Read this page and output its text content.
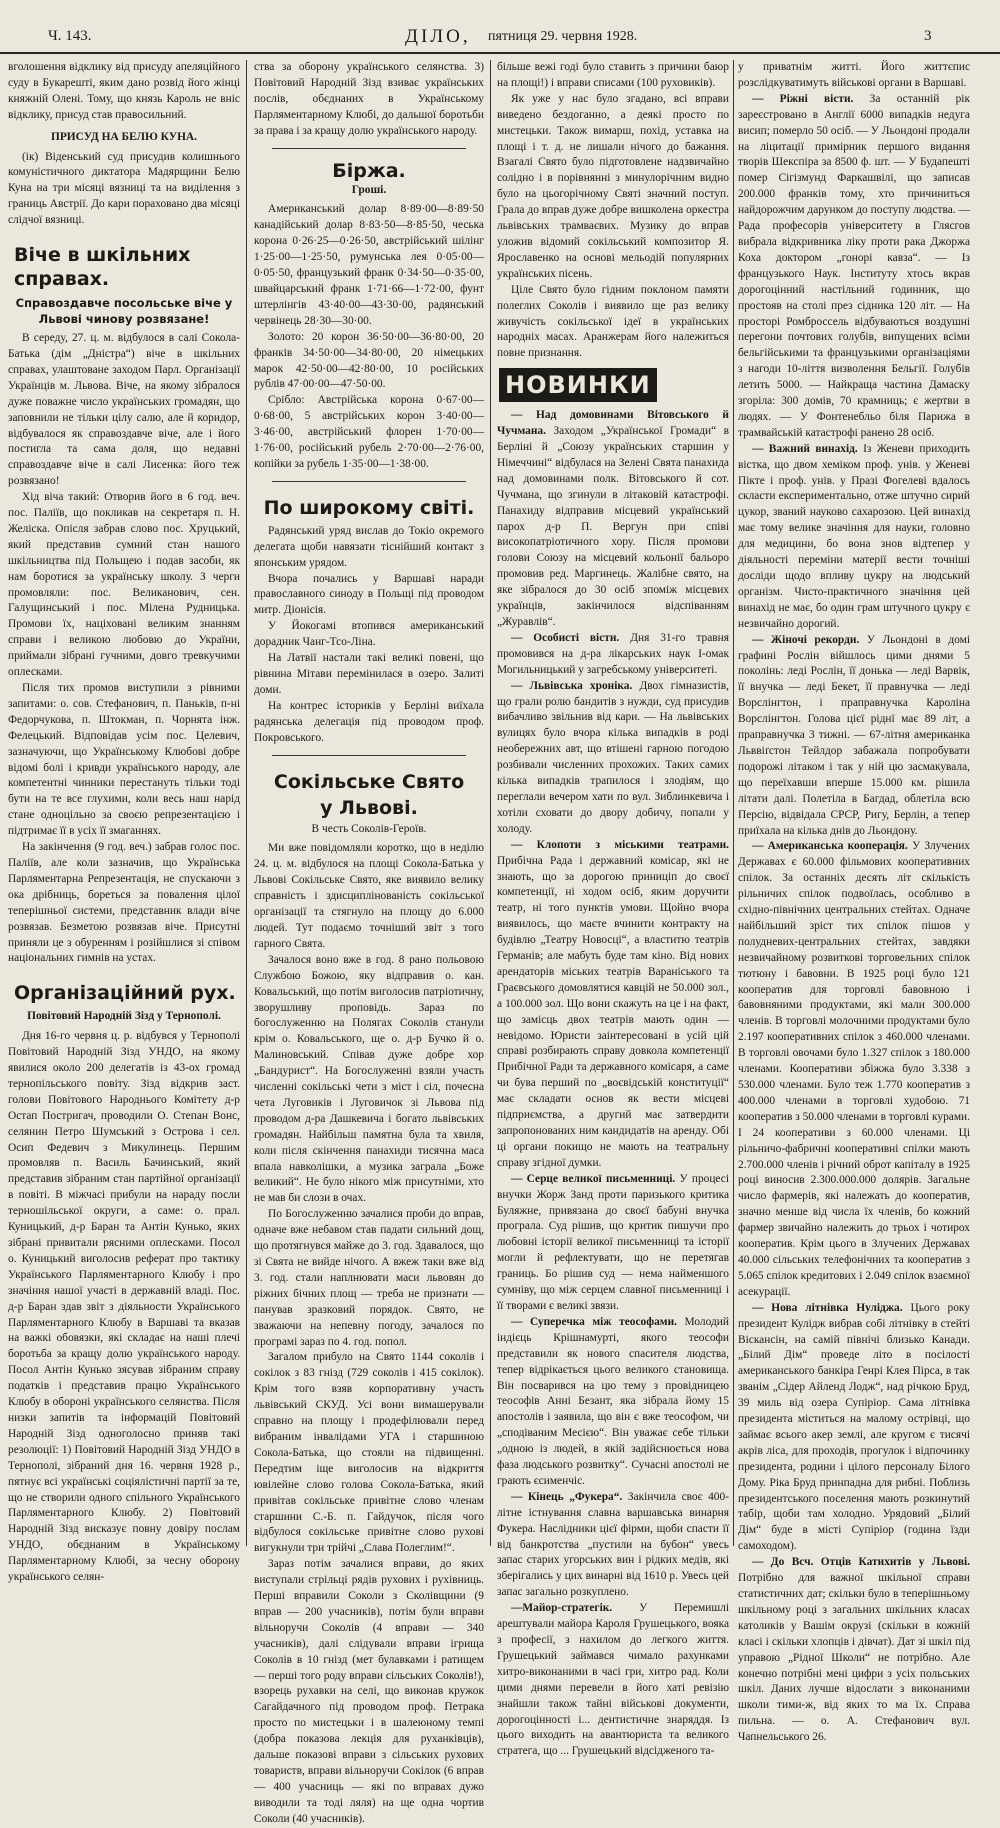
Ч. 143.	ДІЛО, пятниця 29. червня 1928.	3

вголошення відкликy від присуду апеляційного суду в Букарешті, яким дано розвід його жінці княжній Олені. Тому, що князь Кароль не вніс відклику, присуд став правосильний.

ПРИСУД НА БЕЛЮ КУНА.

(ік) Віденський суд присудив колишнього комуністичного диктатора Мадярщини Белю Куна на три місяці вязниці та на виділення з границь Австрії. До кари пораховано два місяці слідчої вязниці.

Віче в шкільних справах.
Справоздавче посольське віче у Львові чинову розвязане!

В середу, 27. ц. м. відбулося в салі Сокола-Батька (дім „Дністра“) віче в шкільних справах, улаштоване заходом Парл. Організації Українців м. Львова. Віче, на якому зібралося дуже поважне число українських громадян, що заповнили не тільки цілу салю, але й коридор, відбувалося як справоздавче віче, але і його постигла та сама доля, що недавні справоздавче віче в салі Лисенка: його теж розвязано!

Хід віча такий: Отворив його в 6 год. веч. пос. Паліїв, що покликав на секретаря п. Н. Желіска. Опісля забрав слово пос. Хруцький, який представив сумний стан нашого шкільництва під Польщею і подав засоби, як нам боротися за українську школу. З черги промовляли: пос. Великанович, сен. Галущинський і пос. Мілена Рудницька. Промови їх, націховані великим знанням справи і великою любовю до України, приймали зібрані гучними, довго тревкучими оплесками.

Після тих промов виступили з рівними запитами: о. сов. Стефанович, п. Паньків, п-ні Федорчукова, п. Штокман, п. Чорнята інж. Фелецький. Відповідав усім пос. Целевич, зазначуючи, що Українському Клюбові добре відомі болі і кривди українського народу, але компетентні чинники перестануть тільки тоді бути на те все глухими, коли весь наш нарід стане одноцільно за своєю репрезентацією і підтримає її в усіх її змаганнях.

На закінчення (9 год. веч.) забрав голос пос. Паліїв, але коли зазначив, що Українська Парляментарна Репрезентація, не спускаючи з ока дрібниць, бореться за повалення цілої теперішньої системи, представник влади віче розвязав. Безметою розвязав віче. Присутні приняли це з обуренням і розійшлися зі співом національних гимнів на устах.

Організаційний рух.
Повітовий Народній Зізд у Тернополі.

Дня 16-го червня ц. р. відбувся у Тернополі Повітовий Народній Зізд УНДО, на якому явилися около 200 делегатів із 43-ох громад тернопільського повіту. Зізд відкрив заст. голови Повітового Народнього Комітету д-р Остап Постригач, проводили О. Степан Вонс, селянин Петро Шумський з Острова і сел. Осип Федевич з Микулинець. Першим промовляв п. Василь Бачинський, який представив зібраним стан партійної організації в повіті. В міжчасі прибули на нараду посли терношільської округи, а саме: о. прал. Куницький, д-р Баран та Антін Кунько, яких зібрані привитали рясними оплесками. Посол о. Куницький виголосив реферат про тактику Українського Парляментарного Клюбу і про значіння нашої участі в державній владі. Пос. д-р Баран здав звіт з діяльности Українського Парляментарного Клюбу в Варшаві та вказав на важкі обовязки, які складає на наші плечі боротьба за кращу долю українського народу. Посол Антін Кунько зясував зібраним справу податків і представив працю Українського Клюбу в обороні українського селянства. Після низки запитів та інформацій Повітовий Народній Зізд одноголосно приняв такі резолюції: 1) Повітовий Народній Зізд УНДО в Тернополі, зібраний дня 16. червня 1928 р., пятнує всі українські соціялістичні партії за те, що не створили одного спільного Українського Парляментарного Клюбу. 2) Повітовий Народній Зізд висказує повну довіру послам УНДО, обєднаним в Українському Парляментарному Клюбі, за чесну оборону українського селян-

ства за оборону українського селянства. 3) Повітовий Народній Зізд взиває українських послів, обєднаних в Українському Парляментарному Клюбі, до дальшої боротьби за права і за кращу долю українського народу.

Біржа.
Гроші.

Американський долар 8·89·00—8·89·50 канадійський долар 8·83·50—8·85·50, чеська корона 0·26·25—0·26·50, австрійський шілінг 1·25·00—1·25·50, румунська лея 0·05·00—0·05·50, французький франк 0·34·50—0·35·00, швайцарський франк 1·71·66—1·72·00, фунт штерлінгів 43·40·00—43·30·00, радянський червінець 28·30—30·00.

Золото: 20 корон 36·50·00—36·80·00, 20 франків 34·50·00—34·80·00, 20 німецьких марок 42·50·00—42·80·00, 10 російських рублів 47·00·00—47·50·00.

Срібло: Австрійська корона 0·67·00—0·68·00, 5 австрійських корон 3·40·00—3·46·00, австрійський флорен 1·70·00—1·76·00, російський рубель 2·70·00—2·76·00, копійки за рубель 1·35·00—1·38·00.

По широкому світі.

Радянський уряд вислав до Токіо окремого делегата щоби навязати тіснійший контакт з японським урядом.

Вчора почались у Варшаві наради православного синоду в Польщі під проводом митр. Діонісія.

У Йокогамі втопився американський дорадник Чанг-Тсо-Ліна.

На Латвії настали такі великі повені, що рівнина Мітави перемінилася в озеро. Залиті доми.

На контрес істориків у Берліні виїхала радянська делегація під проводом проф. Покровського.

Сокільське Свято
у Львові.
В честь Соколів-Героїв.

Ми вже повідомляли коротко, що в неділю 24. ц. м. відбулося на площі Сокола-Батька у Львові Сокільське Свято, яке виявило велику справність і здисциплінованість сокільської організації та стягнуло на площу до 6.000 людей. Тут подаємо точніший звіт з того гарного Свята.

Зачалося воно вже в год. 8 рано польовою Службою Божою, яку відправив о. кан. Ковальський, що потім виголосив патріотичну, зворушливу проповідь. Зараз по богослуженню на Полягах Соколів станули крім о. Ковальського, ще о. д-р Бучко й о. Малиновський. Співав дуже добре хор „Бандурист“. На Богослуженні взяли участь численні сокільські чети з міст і сіл, почесна чета Луговиків і Луговичок зі Львова під проводом д-ра Дашкевича і богато львівських громадян. Найбільш памятна була та хвиля, коли після скінчення панахиди тисячна маса впала навколішки, а музика заграла „Боже великий“. Не було нікого між присутніми, хто не мав би слози в очах.

По Богослуженню зачалися проби до вправ, одначе вже небавом став падати сильний дощ, що протягнувся майже до 3. год. Здавалося, що зі Свята не вийде нічого. А вжеж таки вже від 3. год. стали наплнювати маси львовян до ріжних бічних площ — треба не признати — панував зразковий порядок. Свято, не зважаючи на непевну погоду, зачалося по програмі зараз по 4. год. попол.

Загалом прибуло на Свято 1144 соколів і сокілок з 83 гнізд (729 соколів і 415 сокілок). Крім того взяв корпоративну участь львівський СКУД. Усі вони вимашерували справно на площу і продефілювали перед вибраним інвалідами УГА і старшиною Сокола-Батька, що стояли на підвищенні. Передтим іще виголосив на відкриття ювілейне слово голова Сокола-Батька, який привітав сокільське привітне слово членам старшини С.-Б. п. Гайдучок, після чого відбулося сокільське привітне слово рухові вигукнули три трійчі „Слава Полеглим!“.

Зараз потім зачалися вправи, до яких виступали стрільці рядів рухових і рухівниць. Перші вправили Соколи з Сколівщини (9 вправ — 200 учасників), потім були вправи вільноручи Соколів (4 вправи — 340 учасників), далі слідували вправи ігрища Соколів в 10 гнізд (мет булавками і ратищем — перші того роду вправи сільських Соколів!), взорець рухавки на селі, що виконав кружок Сагайдачного під проводом проф. Петрака просто по мистецьки і в шалеюному темпі (добра показова лекція для руханківців), дальше показові вправи з сільських рухових товариств, вправи вільноручи Сокілок (6 вправ — 400 учасниць — які по вправах дужо виводили та тоді ляля) на ще одна чортив Соколи (40 учасників).

більше вежі годі було ставить з причини баюр на площі!) і вправи списами (100 руховиків).

Як уже у нас було згадано, всі вправи виведено бездоганно, а деякі просто по мистецьки. Також вимарш, похід, уставка на площі і т. д. не лишали нічого до бажання. Взагалі Свято було підготовлене надзвичайно солідно і в порівнянні з минулорічним видно було на цьогорічному Святі значний поступ. Грала до вправ дуже добре вишколена оркестра львівських трамваєвих. Музику до вправ уложив відомий сокільський композитор Я. Ярославенко на основі мельодій популярних українських пісень.

Ціле Свято було гідним поклоном памяти полеглих Соколів і виявило ще раз велику живучість сокільської ідеї в українських народніх масах. Аранжерам його належиться повне признання.

НОВИНКИ

— Над домовинами Вітовського й Чучмана. Заходом „Української Громади“ в Берліні й „Союзу українських старшин у Німеччині“ відбулася на Зелені Свята панахида над домовинами полк. Вітовського й сот. Чучмана, що згинули в літаковій катастрофі. Панахиду відправив місцевий український парох д-р П. Вергун при співі високопатріотичного хору. Після промови голови Союзу на місцевий кольонії бальоро промовив ред. Маргинець. Жалібне свято, на яке зібралося до 30 осіб зпоміж місцевих українців, закінчилося відспіванням „Журавлів“.

— Особисті вісти. Дня 31-го травня промовився на д-ра лікарських наук І-омак Могильницький у загребському університеті.

— Львівська хроніка. Двох гімназистів, що грали ролю бандитів з нужди, суд присудив вибачливо звільнив від кари. — На львівських вулицях було вчора кілька випадків в роді необережних авт, що втішені гарною погодою розбивали численних прохожих. Таких самих кілька випадків трапилося і злодіям, що переглали вечером хати по вул. Зиблинкевича і хотіли сховати до двору добичу, попали у холоду.

— Клопоти з міськими театрами. Прибічна Рада і державний комісар, які не знають, що за дорогою приниціп до своєї компетенції, ні ходом осіб, яким доручити театр, ні того пунктів умови. Щойно вчора виявилось, що маєте вчинити контракту на будівлю „Театру Новосці“, а властитю театрів Германів; але мабуть буде там кіно. Від нових арендаторів міських театрів Вараніського та Граєвського домовлятися кавцій не 50.000 зол., а 100.000 зол. Що вони скажуть на це і на факт, що замісць двох театрів мають один — невідомо. Юристи заінтересовані в усій цій справі розбирають справу довкола компетенції Прибічної Ради та державного комісаря, а саме чи бува перший по „воєвідській конституції“ має складати основ як вести місцеві підприємства, а другий має затвердити запропонованих ним кандидатів на аренду. Обі ці органи покищо не мають на театральну справу згідної думки.

— Серце великої письменниці. У процесі внучки Жорж Занд проти паризького критика Буляжне, привязана до своєї бабуні внучка програла. Суд рішив, що критик пишучи про любовні історії великої письменниці та історії могли й рефлектувати, що не перетягав границь. Бо рішив суд — нема найменшого сумніву, що між серцем славної письменниці і її творами є великі звязи.

— Суперечка між теософами. Молодий індієць Крішнамурті, якого теософи представили як нового спасителя людства, тепер відрікається цього великого становища. Він посварився на цю тему з провідницею теософів Анні Безант, яка зібрала йому 15 апостолів і заявила, що він є вже теософом, чи „сподіваним Месією“. Він уважає себе тільки „одною із людей, в якій задійснюється нова фаза людського розвитку“. Сучасні апостолі не грають єсименчіс.

— Кінець „Фукера“. Закінчила своє 400-літне істнування славна варшавська винарня Фукера. Наслідники цієї фірми, щоби спасти її від банкротства „пустили на бубон“ увесь запас старих угорських вин і рідких медів, які зберігались у цих винарні від 1610 р. Увесь цей запас загально розкуплено.

—Майор-стратегік. У Перемишлі арештували майора Кароля Грушецького, вояка з професії, з нахилом до легкого життя. Грушецький займався чимало рахунками хитро-виконаними в часі гри, хитро рад. Коли цими днями перевели в його хаті ревізію знайшли також тайні військові документи, дорогоцінності і... дентистичне знаряддя. Із цього виходить на авантюриста та великого стратега, що ... Грушецький відсідженого та-

у приватнім житті. Його життєпис розслідкуватимуть військові органи в Варшаві.

— Ріжні вісти. За останній рік зареєстровано в Англії 6000 випадків недуга висип; померло 50 осіб. — У Льондоні продали на ліцитації примірник першого видання творів Шекспіра за 8500 ф. шт. — У Будапешті помер Сігізмунд Фаркашвілі, що записав 200.000 франків тому, хто причиниться найдорожчим дарунком до поступу людства. — Рада професорів університету в Глясгов вибрала відкривника ліку проти рака Джоржа Коха доктором „гонорі кавза“. — Із французького Наук. Інституту хтось вкрав дорогоцінний настільний годинник, що простояв на столі през сідника 120 літ. — На просторі Ромброссель відбуваються воздушні перегони почтових голубів, випущених всіми бельгійськими та французькими організаціями з нагоди 10-ліття визволення Бельгії. Голубів летить 5000. — Найкраща частина Дамаску згоріла: 300 домів, 70 крамниць; є жертви в людях. — У Фонтенебльо біля Парижа в трамвайській катастрофі ранено 28 осіб.

— Важний винахід. Із Женеви приходить вістка, що двом хеміком проф. унів. у Женеві Пікте і проф. унів. у Празі Фогелеві вдалось скласти експериментально, отже штучно сирий цукор, званий науково сахарозою. Цей винахід має тому велике значіння для науки, головно для медицини, бо вона знов відтепер у діяльності переміни матерії вести точніші досліди щодо впливу цукру на людський організм. Чисто-практичного значіння цей винахід не має, бо один грам штучного цукру є незвичайно дорогий.

— Жіночі рекорди. У Льондоні в домі графині Рослін війшлось цими днями 5 поколінь: леді Рослін, її донька — леді Варвік, її внучка — леді Бекет, її правнучка — леді Ворслінгтон, і праправнучка Кароліна Ворслінгтон. Голова цієї ріднї має 89 літ, а праправнучка 3 тижні. — 67-літня американка Льввіґстон Тейлдор забажала попробувати подорожі літаком і так у ній цю засмакувала, що переїхавши вперше 15.000 км. рішила літати далі. Полетіла в Багдад, облетіла всю Персію, відвідала СРСР, Ригу, Берлін, а тепер приїхала на кілька днів до Льондону.

— Американська кооперація. У Злучених Державах є 60.000 фільмових кооперативних спілок. За останніх десять літ скількість рільничих спілок подвоїлась, особливо в східно-північних центральних стейтах. Одначе найбільший зріст тих спілок пішов у полудневих-центральних стейтах, завдяки незвичайному розвиткові торговельних спілок тютюну і бавовни. В 1925 році було 121 кооператив для торговлі бавовною і бавовняними продуктами, які мали 300.000 членів. В торговлі молочними продуктами було 2.197 кооперативних спілок з 460.000 членами. В торговлі овочами було 1.327 спілок з 180.000 членами. Кооперативи збіжжа було 3.338 з 530.000 членами. Було теж 1.770 кооператив з 400.000 членами в торговлі худобою. 71 кооператив з 50.000 членами в торговлі курами. І 24 кооперативи з 60.000 членами. Ці рільничо-фабричні кооперативні спілки мають 2.700.000 членів і річний оброт капіталу в 1925 році виносив 2.300.000.000 долярів. Загальне число фармерів, які належать до кооператив, значно менше від числа їх членів, бо кожний фармер звичайно належить до трьох і чотирох кооператив. Крім цього в Злучених Державах 40.000 сільських телефонічних та кооператив з 5.065 спілок кредитових і 2.049 спілок взаємної асекурації.

— Нова літнівка Нуліджа. Цього року президент Кулідж вибрав собі літнівку в стейті Віскансін, на самій північі близько Канади. „Білий Дім“ проведе літо в посілості американського банкіра Генрі Клея Пірса, в так званім „Сідер Айленд Лодж“, над річкою Бруд, 39 миль від озера Супіріор. Сама літнівка президента міститься на малому острівці, що займає всього акер землі, але кругом є тисячі акрів ліса, для проходів, прогулок і відпочинку президента, родини і цілого персоналу Білого Дому. Ріка Бруд принпадна для рибні. Поблизь президентського поселення мають розкинутий табір, щоби там холодно. Урядовий „Білий Дім“ буде в місті Супіріор (година їзди самоходом).

— До Всч. Отців Катихитів у Львові. Потрібно для важної шкільної справи статистичних дат; скільки було в теперішньому шкільному році з загальних шкільних класах католиків у Вашім окрузі (скільки в кожній класі і скільки хлопців і дівчат). Дат зі шкіл під управою „Рідної Школи“ не потрібно. Але конечно потрібні мені цифри з усіх польських шкіл. Даних лучше відослати з виконаними школи тими-ж, від яких то ма їх. Справа пильна. — о. А. Стефанович вул. Чапнельського 26.
